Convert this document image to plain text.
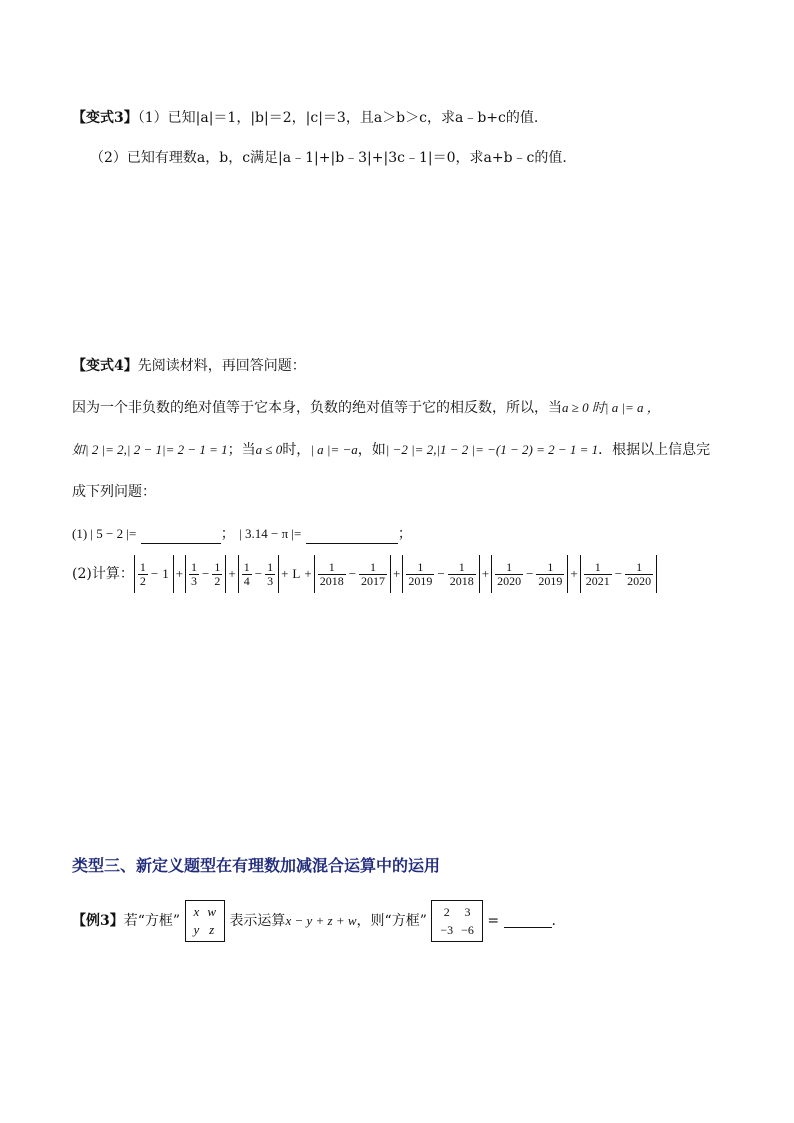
【变式3】（1）已知|a|＝1，|b|＝2，|c|＝3，且a＞b＞c，求a﹣b+c的值.
（2）已知有理数a，b，c满足|a﹣1|+|b﹣3|+|3c﹣1|＝0，求a+b﹣c的值.
【变式4】先阅读材料，再回答问题：
因为一个非负数的绝对值等于它本身，负数的绝对值等于它的相反数，所以，当a ≥ 0 时| a |= a ，
如| 2 |= 2,| 2 − 1|= 2 − 1 = 1；当a ≤ 0时，| a |= −a，如| −2 |= 2,|1 − 2 |= −(1 − 2) = 2 − 1 = 1．根据以上信息完
成下列问题：
(1) | 5 − 2 |=	； | 3.14 − π |=	；
(2)计算： $\frac{1}{2} - 1 + \frac{1}{3} - \frac{1}{2} + \frac{1}{4} - \frac{1}{3} + L + \frac{1}{2018} - \frac{1}{2017} + \frac{1}{2019} - \frac{1}{2018} + \frac{1}{2020} - \frac{1}{2019} + \frac{1}{2021} - \frac{1}{2020}$
类型三、新定义题型在有理数加减混合运算中的运用
【例3】若“方框”
x	w
y	z
表示运算x − y + z + w，则“方框”
2	3
−3	−6
=	.
